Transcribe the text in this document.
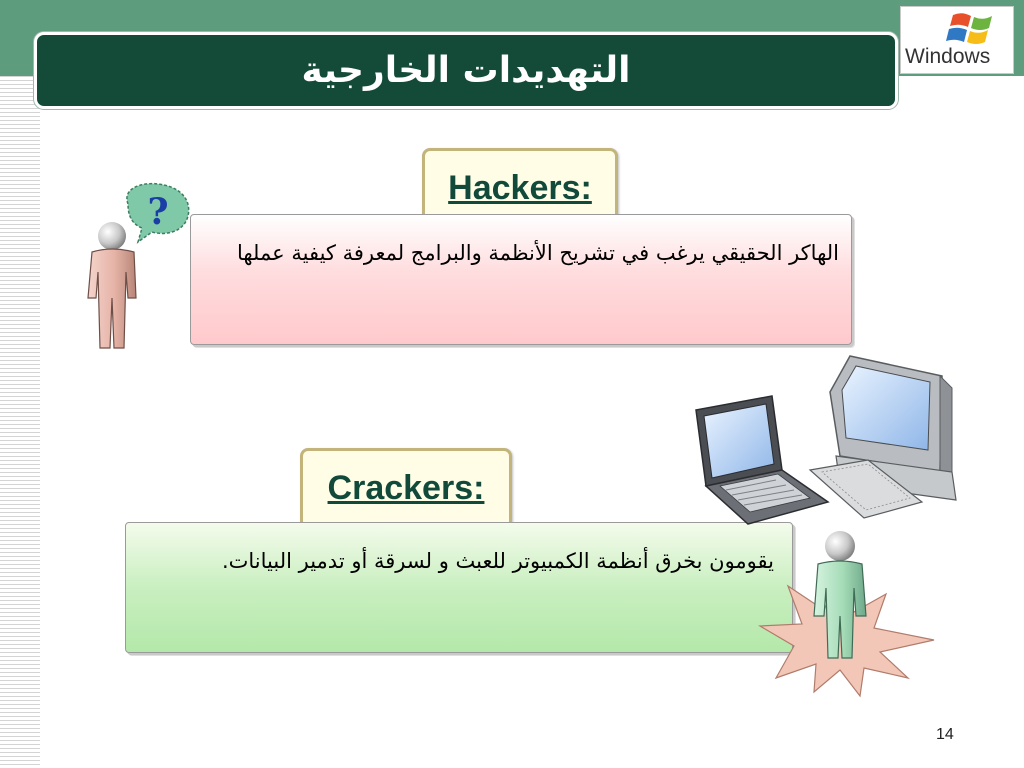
التهديدات الخارجية	Windows
Hackers:
الهاكر الحقيقي يرغب في تشريح الأنظمة والبرامج لمعرفة كيفية عملها
?
Crackers:
يقومون بخرق أنظمة الكمبيوتر للعبث و لسرقة أو تدمير البيانات.
14
